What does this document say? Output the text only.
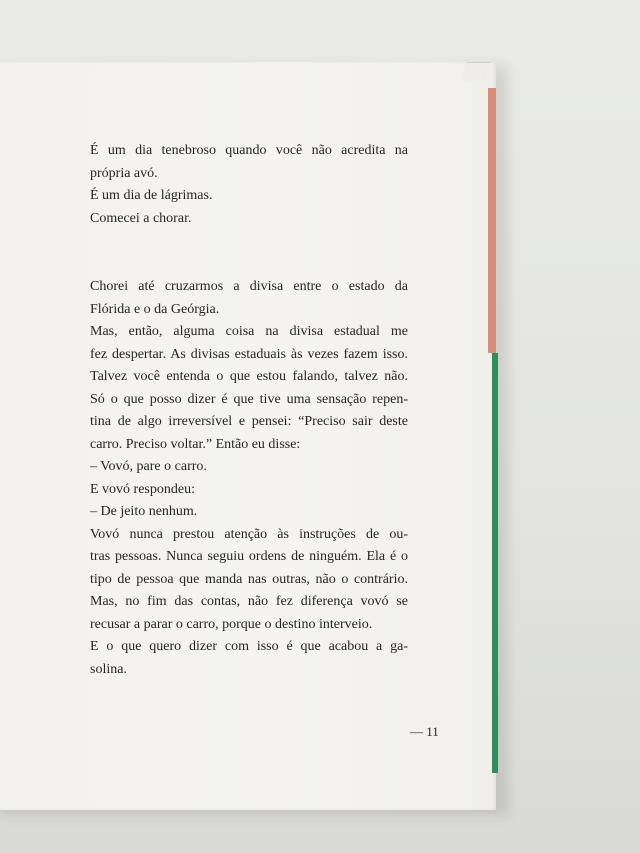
É um dia tenebroso quando você não acredita na
própria avó.
É um dia de lágrimas.
Comecei a chorar.
Chorei até cruzarmos a divisa entre o estado da
Flórida e o da Geórgia.
Mas, então, alguma coisa na divisa estadual me
fez despertar. As divisas estaduais às vezes fazem isso.
Talvez você entenda o que estou falando, talvez não.
Só o que posso dizer é que tive uma sensação repen-
tina de algo irreversível e pensei: “Preciso sair deste
carro. Preciso voltar.” Então eu disse:
– Vovó, pare o carro.
E vovó respondeu:
– De jeito nenhum.
Vovó nunca prestou atenção às instruções de ou-
tras pessoas. Nunca seguiu ordens de ninguém. Ela é o
tipo de pessoa que manda nas outras, não o contrário.
Mas, no fim das contas, não fez diferença vovó se
recusar a parar o carro, porque o destino interveio.
E o que quero dizer com isso é que acabou a ga-
solina.
— 11
